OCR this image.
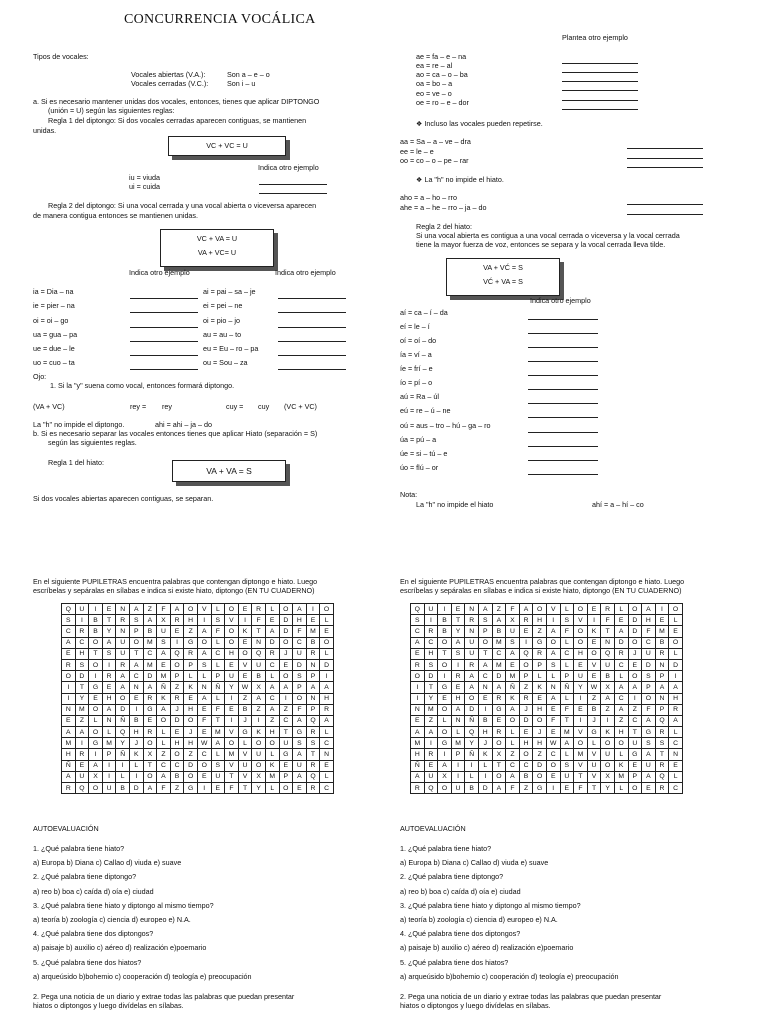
CONCURRENCIA VOCÁLICA
Tipos de vocales:
Vocales abiertas (V.A.):	Son a – e – o
Vocales cerradas (V.C.):	Son i – u
a. Si es necesario mantener unidas dos vocales, entonces, tienes que aplicar DIPTONGO
(unión = U) según las siguientes reglas:
Regla 1 del diptongo: Si dos vocales cerradas aparecen contiguas, se mantienen
unidas.
VC + VC = U
Indica otro ejemplo
iu = viuda
ui = cuida
Regla 2 del diptongo: Si una vocal cerrada y una vocal abierta o viceversa aparecen
de manera contigua entonces se mantienen unidas.
VC + VA = U
VA + VC= U
Indica otro ejemplo	Indica otro ejemplo
ia = Dia – na	ai = pai – sa – je
ie = pier – na	ei = pei – ne
oi = oi – go	oi = pio – jo
ua = gua – pa	au = au – to
ue = due – le	eu = Eu – ro – pa
uo = cuo – ta	ou = Sou – za
Ojo:
1. Si la "y" suena como vocal, entonces formará diptongo.
(VA + VC)	rey = rey	cuy = cuy (VC + VC)
La "h" no impide el diptongo.	ahi = ahi – ja – do
b. Si es necesario separar las vocales entonces tienes que aplicar Hiato (separación = S)
según las siguientes reglas.
Regla 1 del hiato:
VA + VA = S
Si dos vocales abiertas aparecen contiguas, se separan.
Plantea otro ejemplo
ae = fa – e – na
ea = re – al
ao = ca – o – ba
oa = bo – a
eo = ve – o
oe = ro – e – dor
❖ Incluso las vocales pueden repetirse.
aa = Sa – a – ve – dra
ee = le – e
oo = co – o – pe – rar
❖ La "h" no impide el hiato.
aho = a – ho – rro
ahe = a – he – rro – ja – do
Regla 2 del hiato:
Si una vocal abierta es contigua a una vocal cerrada o viceversa y la vocal cerrada
tiene la mayor fuerza de voz, entonces se separa y la vocal cerrada lleva tilde.
VA + VĆ = S
VĆ + VA = S
Indica otro ejemplo
aí = ca – í – da
eí = le – í
oí = oí – do
ía = ví – a
íe = frí – e
ío = pí – o
aú = Ra – úl
eú = re – ú – ne
oú = aus – tro – hú – ga – ro
úa = pú – a
úe = si – tú – e
úo = flú – or
Nota:
La "h" no impide el hiato	ahí = a – hí – co
En el siguiente PUPILETRAS encuentra palabras que contengan diptongo e hiato. Luego
escríbelas y sepáralas en sílabas e indica si existe hiato, diptongo (EN TU CUADERNO)
En el siguiente PUPILETRAS encuentra palabras que contengan diptongo e hiato. Luego
escríbelas y sepáralas en sílabas e indica si existe hiato, diptongo (EN TU CUADERNO)
Q	U	I	E	N	A	Z	F	A	O	V	L	O	E	R	L	O	A	I	O
S	I	B	T	R	S	A	X	R	H	I	S	V	I	F	E	D	H	E	L
C	R	B	Y	N	P	B	U	E	Z	A	F	O	K	T	A	D	F	M	E
A	C	O	A	U	O	M	S	I	G	O	L	O	E	N	D	O	C	B	O
E	H	T	S	U	T	C	A	Q	R	A	C	H	O	Q	R	J	U	R	L
R	S	O	I	R	A	M	E	O	P	S	L	E	V	U	C	E	D	N	D
O	D	I	R	A	C	D	M	P	L	L	P	U	E	B	L	O	S	P	I
I	T	G	E	A	N	A	Ñ	Z	K	N	Ñ	Y	W	X	A	A	P	A	A
I	Y	E	H	O	E	R	K	R	E	A	L	I	Z	A	C	I	O	N	H
N	M	O	A	D	I	G	A	J	H	E	F	E	B	Z	A	Z	F	P	R
E	Z	L	N	Ñ	B	E	O	D	O	F	T	I	J	I	Z	C	A	Q	A
A	A	O	L	Q	H	R	L	E	J	E	M	V	G	K	H	T	G	R	L
M	I	G	M	Y	J	O	L	H	H	W	A	O	L	O	O	U	S	S	C
H	R	I	P	Ñ	K	X	Z	O	Z	C	L	M	V	U	L	G	A	T	N
Ñ	E	A	I	I	L	T	C	C	D	O	S	V	U	O	K	E	U	R	E
A	U	X	I	L	I	O	A	B	O	E	U	T	V	X	M	P	A	Q	L
R	Q	O	U	B	D	A	F	Z	G	I	E	F	T	Y	L	O	E	R	C
Q	U	I	E	N	A	Z	F	A	O	V	L	O	E	R	L	O	A	I	O
S	I	B	T	R	S	A	X	R	H	I	S	V	I	F	E	D	H	E	L
C	R	B	Y	N	P	B	U	E	Z	A	F	O	K	T	A	D	F	M	E
A	C	O	A	U	O	M	S	I	G	O	L	O	E	N	D	O	C	B	O
E	H	T	S	U	T	C	A	Q	R	A	C	H	O	Q	R	J	U	R	L
R	S	O	I	R	A	M	E	O	P	S	L	E	V	U	C	E	D	N	D
O	D	I	R	A	C	D	M	P	L	L	P	U	E	B	L	O	S	P	I
I	T	G	E	A	N	A	Ñ	Z	K	N	Ñ	Y	W	X	A	A	P	A	A
I	Y	E	H	O	E	R	K	R	E	A	L	I	Z	A	C	I	O	N	H
N	M	O	A	D	I	G	A	J	H	E	F	E	B	Z	A	Z	F	P	R
E	Z	L	N	Ñ	B	E	O	D	O	F	T	I	J	I	Z	C	A	Q	A
A	A	O	L	Q	H	R	L	E	J	E	M	V	G	K	H	T	G	R	L
M	I	G	M	Y	J	O	L	H	H	W	A	O	L	O	O	U	S	S	C
H	R	I	P	Ñ	K	X	Z	O	Z	C	L	M	V	U	L	G	A	T	N
Ñ	E	A	I	I	L	T	C	C	D	O	S	V	U	O	K	E	U	R	E
A	U	X	I	L	I	O	A	B	O	E	U	T	V	X	M	P	A	Q	L
R	Q	O	U	B	D	A	F	Z	G	I	E	F	T	Y	L	O	E	R	C
AUTOEVALUACIÓN	AUTOEVALUACIÓN
1. ¿Qué palabra tiene hiato?
a) Europa b) Diana c) Callao d) viuda e) suave
2. ¿Qué palabra tiene diptongo?
a) reo b) boa c) caída d) oía e) ciudad
3. ¿Qué palabra tiene hiato y diptongo al mismo tiempo?
a) teoría b) zoología c) ciencia d) europeo e) N.A.
4. ¿Qué palabra tiene dos diptongos?
a) paisaje b) auxilio c) aéreo d) realización e)poemario
5. ¿Qué palabra tiene dos hiatos?
a) arqueúsido b)bohemio c) cooperación d) teología e) preocupación
1. ¿Qué palabra tiene hiato?
a) Europa b) Diana c) Callao d) viuda e) suave
2. ¿Qué palabra tiene diptongo?
a) reo b) boa c) caída d) oía e) ciudad
3. ¿Qué palabra tiene hiato y diptongo al mismo tiempo?
a) teoría b) zoología c) ciencia d) europeo e) N.A.
4. ¿Qué palabra tiene dos diptongos?
a) paisaje b) auxilio c) aéreo d) realización e)poemario
5. ¿Qué palabra tiene dos hiatos?
a) arqueúsido b)bohemio c) cooperación d) teología e) preocupación
2. Pega una noticia de un diario y extrae todas las palabras que puedan presentar
hiatos o diptongos y luego divídelas en sílabas.
2. Pega una noticia de un diario y extrae todas las palabras que puedan presentar
hiatos o diptongos y luego divídelas en sílabas.
